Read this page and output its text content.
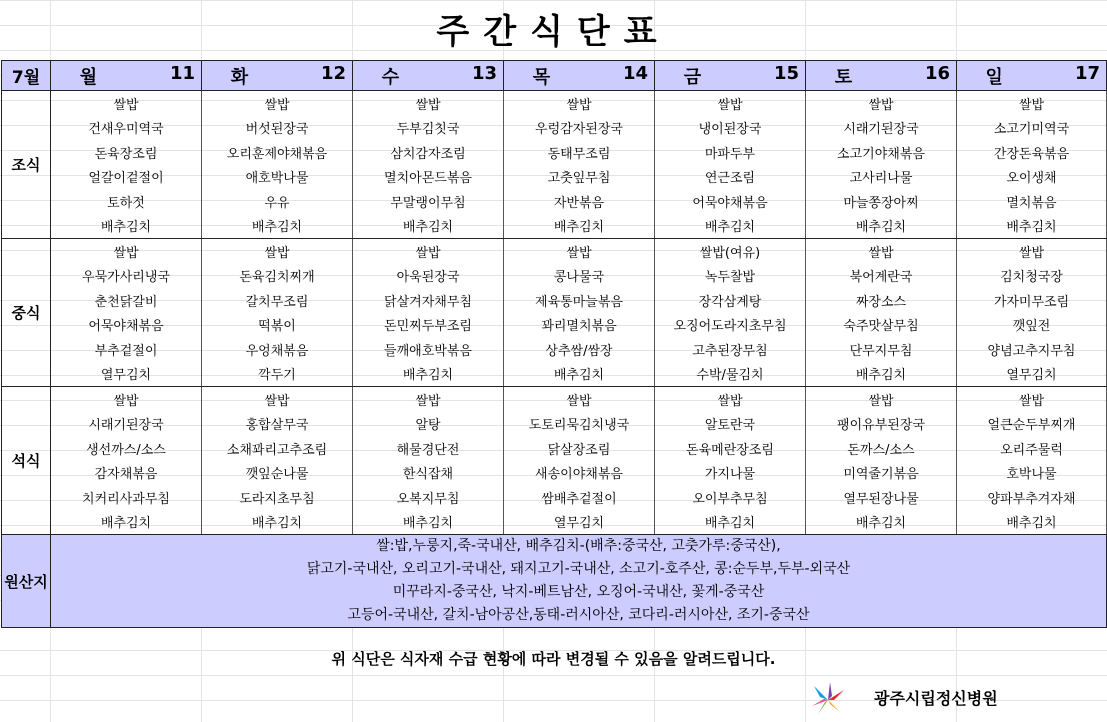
주간식단표
7월	월 11	화 12	수 13	목 14	금 15	토 16	일 17

조식	쌀밥	쌀밥	쌀밥	쌀밥	쌀밥	쌀밥	쌀밥
	건새우미역국	버섯된장국	두부김칫국	우렁감자된장국	냉이된장국	시래기된장국	소고기미역국
	돈육장조림	오리훈제야채볶음	삼치감자조림	동태무조림	마파두부	소고기야채볶음	간장돈육볶음
	얼갈이겉절이	애호박나물	멸치아몬드볶음	고춧잎무침	연근조림	고사리나물	오이생채
	토하젓	우유	무말랭이무침	자반볶음	어묵야채볶음	마늘쫑장아찌	멸치볶음
	배추김치	배추김치	배추김치	배추김치	배추김치	배추김치	배추김치
중식	쌀밥	쌀밥	쌀밥	쌀밥	쌀밥(여유)	쌀밥	쌀밥
	우묵가사리냉국	돈육김치찌개	아욱된장국	콩나물국	녹두찰밥	북어계란국	김치청국장
	춘천닭갈비	갈치무조림	닭살겨자채무침	제육통마늘볶음	장각삼계탕	짜장소스	가자미무조림
	어묵야채볶음	떡볶이	돈민찌두부조림	꽈리멸치볶음	오징어도라지초무침	숙주맛살무침	깻잎전
	부추겉절이	우엉채볶음	들깨애호박볶음	상추쌈/쌈장	고추된장무침	단무지무침	양념고추지무침
	열무김치	깍두기	배추김치	배추김치	수박/물김치	배추김치	열무김치
석식	쌀밥	쌀밥	쌀밥	쌀밥	쌀밥	쌀밥	쌀밥
	시래기된장국	홍합살무국	알탕	도토리묵김치냉국	알토란국	팽이유부된장국	얼큰순두부찌개
	생선까스/소스	소채꽈리고추조림	해물경단전	닭살장조림	돈육메란장조림	돈까스/소스	오리주물럭
	감자채볶음	깻잎순나물	한식잡채	새송이야채볶음	가지나물	미역줄기볶음	호박나물
	치커리사과무침	도라지초무침	오복지무침	쌈배추겉절이	오이부추무침	열무된장나물	양파부추겨자채
	배추김치	배추김치	배추김치	열무김치	배추김치	배추김치	배추김치
원산지	쌀:밥,누룽지,죽-국내산, 배추김치-(배추:중국산, 고춧가루:중국산),
닭고기-국내산, 오리고기-국내산, 돼지고기-국내산, 소고기-호주산, 콩:순두부,두부-외국산
미꾸라지-중국산, 낙지-베트남산, 오징어-국내산, 꽃게-중국산
고등어-국내산, 갈치-남아공산,동태-러시아산, 코다리-러시아산, 조기-중국산						
위 식단은 식자재 수급 현황에 따라 변경될 수 있음을 알려드립니다.
광주시립정신병원
